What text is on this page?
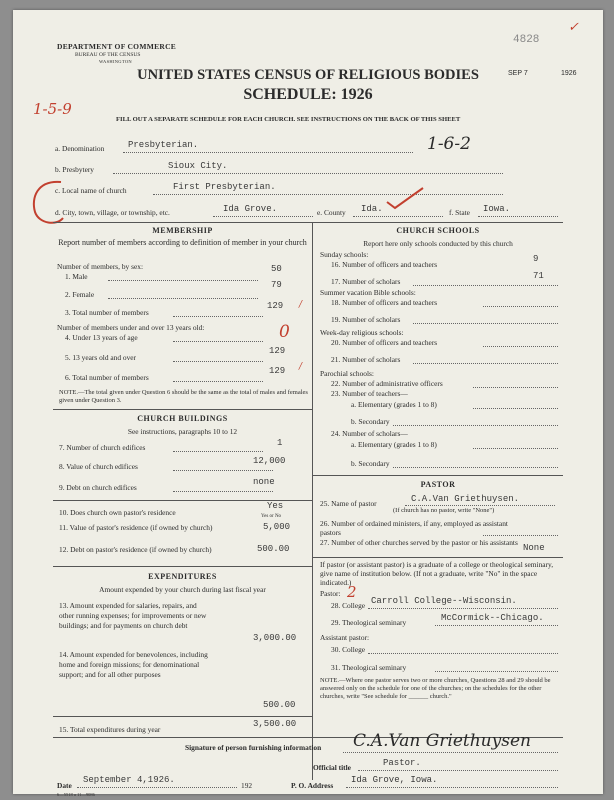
4828
✓
SEP 7	1926
DEPARTMENT OF COMMERCE
BUREAU OF THE CENSUS
WASHINGTON
UNITED STATES CENSUS OF RELIGIOUS BODIES
SCHEDULE: 1926
FILL OUT A SEPARATE SCHEDULE FOR EACH CHURCH. SEE INSTRUCTIONS ON THE BACK OF THIS SHEET
1-5-9
1-6-2
a. Denomination	Presbyterian.
b. Presbytery	Sioux City.
c. Local name of church	First Presbyterian.
d. City, town, village, or township, etc.	Ida Grove.	e. County Ida.	f. State Iowa.
MEMBERSHIP
Report number of members according to definition of member in your church
Number of members, by sex:
1. Male
50
2. Female
79
3. Total number of members
129 /
Number of members under and over 13 years old:
4. Under 13 years of age	0
5. 13 years old and over
129
6. Total number of members
129 /
NOTE.—The total given under Question 6 should be the same as the total of males and females given under Question 3.
CHURCH BUILDINGS
See instructions, paragraphs 10 to 12
7. Number of church edifices	1
8. Value of church edifices
12,000
9. Debt on church edifices
none
10. Does church own pastor's residence
Yes
Yes or No
11. Value of pastor's residence (if owned by church)	5,000
12. Debt on pastor's residence (if owned by church)	500.00
EXPENDITURES
Amount expended by your church during last fiscal year
13. Amount expended for salaries, repairs, and other running expenses; for improvements or new buildings; and for payments on church debt
3,000.00
14. Amount expended for benevolences, including home and foreign missions; for denominational support; and for all other purposes
500.00
15. Total expenditures during year
3,500.00
CHURCH SCHOOLS
Report here only schools conducted by this church
Sunday schools:
16. Number of officers and teachers
9
17. Number of scholars
71
Summer vacation Bible schools:
18. Number of officers and teachers
19. Number of scholars
Week-day religious schools:
20. Number of officers and teachers
21. Number of scholars
Parochial schools:
22. Number of administrative officers
23. Number of teachers—
a. Elementary (grades 1 to 8)
b. Secondary
24. Number of scholars—
a. Elementary (grades 1 to 8)
b. Secondary
PASTOR
25. Name of pastor	C.A.Van Griethuysen.
(If church has no pastor, write "None")
26. Number of ordained ministers, if any, employed as assistant pastors
27. Number of other churches served by the pastor or his assistants
None
If pastor (or assistant pastor) is a graduate of a college or theological seminary, give name of institution below. (If not a graduate, write "No" in the space indicated.)
Pastor: 2
28. College Carroll College--Wisconsin.
29. Theological seminary	McCormick--Chicago.
Assistant pastor:
30. College
31. Theological seminary
NOTE.—Where one pastor serves two or more churches, Questions 28 and 29 should be answered only on the schedule for one of the churches; on the schedules for the other churches, write "See schedule for ______ church."
Signature of person furnishing information C.A.Van Griethuysen
Official title	Pastor.
Date
September 4,1926.
192	P. O. Address
Ida Grove, Iowa.
6—5518 a 11—9086
